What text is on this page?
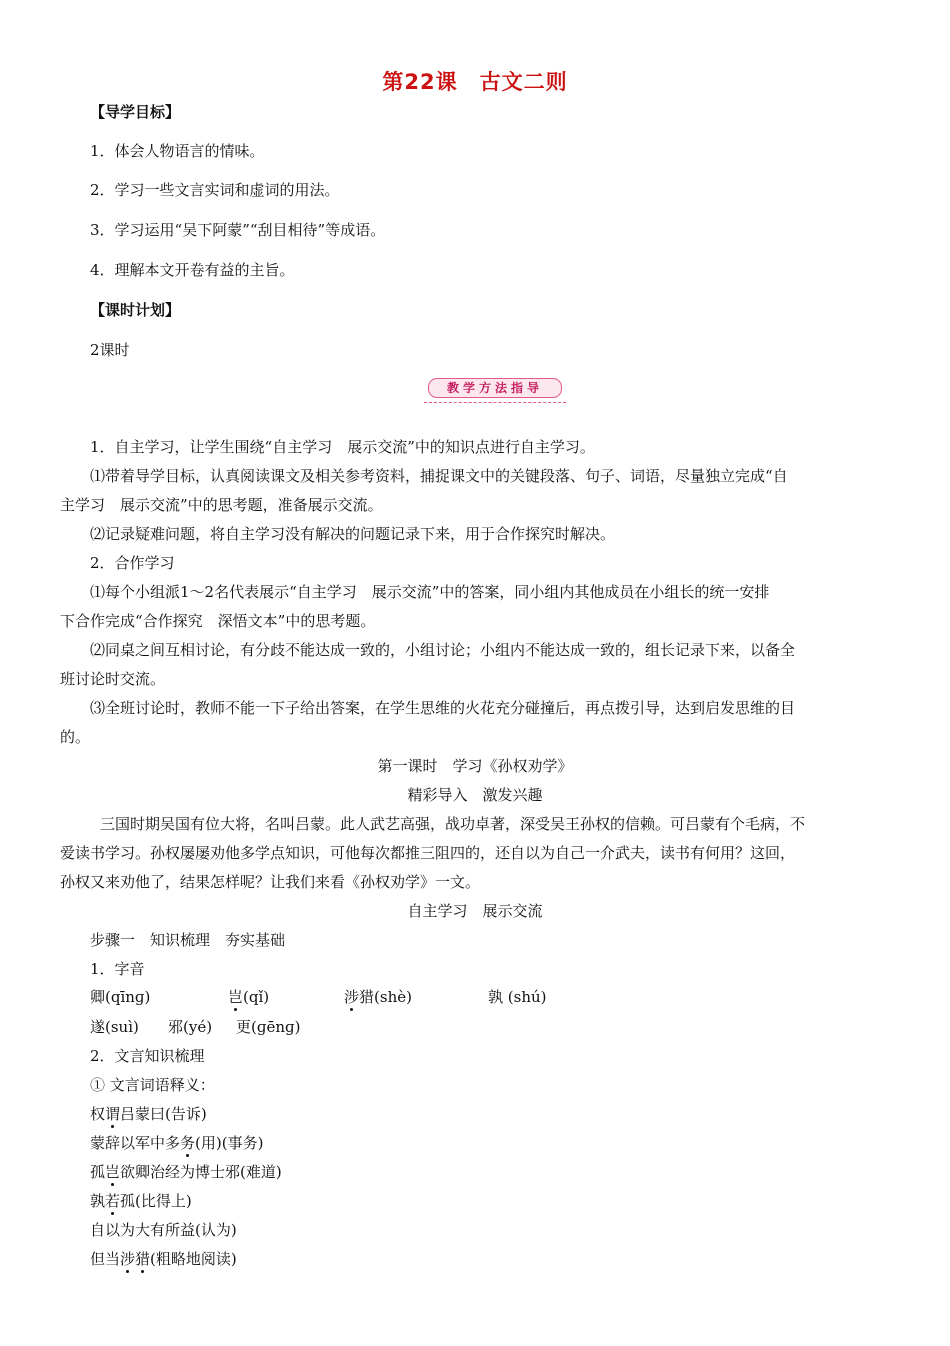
第22课　古文二则
【导学目标】
1．体会人物语言的情味。
2．学习一些文言实词和虚词的用法。
3．学习运用“吴下阿蒙”“刮目相待”等成语。
4．理解本文开卷有益的主旨。
【课时计划】
2课时
教学方法指导
1．自主学习，让学生围绕“自主学习　展示交流”中的知识点进行自主学习。
⑴带着导学目标，认真阅读课文及相关参考资料，捕捉课文中的关键段落、句子、词语，尽量独立完成“自
主学习　展示交流”中的思考题，准备展示交流。
⑵记录疑难问题，将自主学习没有解决的问题记录下来，用于合作探究时解决。
2．合作学习
⑴每个小组派1～2名代表展示“自主学习　展示交流”中的答案，同小组内其他成员在小组长的统一安排
下合作完成“合作探究　深悟文本”中的思考题。
⑵同桌之间互相讨论，有分歧不能达成一致的，小组讨论；小组内不能达成一致的，组长记录下来，以备全
班讨论时交流。
⑶全班讨论时，教师不能一下子给出答案，在学生思维的火花充分碰撞后，再点拨引导，达到启发思维的目
的。
第一课时　学习《孙权劝学》
精彩导入　激发兴趣
三国时期吴国有位大将，名叫吕蒙。此人武艺高强，战功卓著，深受吴王孙权的信赖。可吕蒙有个毛病，不
爱读书学习。孙权屡屡劝他多学点知识，可他每次都推三阻四的，还自以为自己一介武夫，读书有何用？这回，
孙权又来劝他了，结果怎样呢？让我们来看《孙权劝学》一文。
自主学习　展示交流
步骤一　知识梳理　夯实基础
1．字音
卿(qīnɡ)	岂(qǐ)	涉猎(shè)	孰 (shú)
遂(suì) 邪(yé) 更(ɡēnɡ)
2．文言知识梳理
① 文言词语释义：
权谓吕蒙曰(告诉)
蒙辞以军中多务(用)(事务)
孤岂欲卿治经为博士邪(难道)
孰若孤(比得上)
自以为大有所益(认为)
但当涉猎(粗略地阅读)
